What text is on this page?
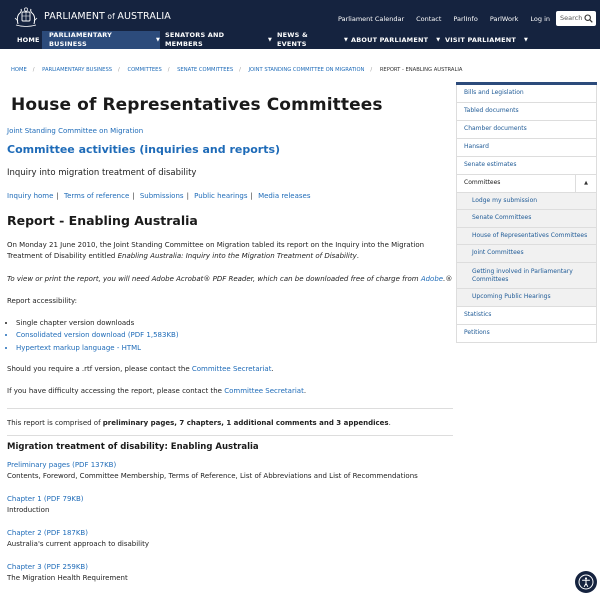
PARLIAMENT of AUSTRALIA	Parliament Calendar Contact ParlInfo ParlWork Log in Search
HOME
PARLIAMENTARY BUSINESS
▼
SENATORS AND MEMBERS
▼
NEWS & EVENTS
▼ ABOUT PARLIAMENT ▼ VISIT PARLIAMENT ▼
HOME / PARLIAMENTARY BUSINESS / COMMITTEES / SENATE COMMITTEES / JOINT STANDING COMMITTEE ON MIGRATION / REPORT - ENABLING AUSTRALIA
House of Representatives Committees
Joint Standing Committee on Migration
Committee activities (inquiries and reports)
Inquiry into migration treatment of disability
Inquiry home | Terms of reference | Submissions | Public hearings | Media releases
Report - Enabling Australia
On Monday 21 June 2010, the Joint Standing Committee on Migration tabled its report on the Inquiry into the Migration
Treatment of Disability entitled Enabling Australia: Inquiry into the Migration Treatment of Disability.
To view or print the report, you will need Adobe Acrobat® PDF Reader, which can be downloaded free of charge from Adobe.®
Report accessibility:
• Single chapter version downloads
• Consolidated version download (PDF 1,583KB)
• Hypertext markup language - HTML
Should you require a .rtf version, please contact the Committee Secretariat.
If you have difficulty accessing the report, please contact the Committee Secretariat.
This report is comprised of preliminary pages, 7 chapters, 1 additional comments and 3 appendices.
Migration treatment of disability: Enabling Australia
Preliminary pages (PDF 137KB)
Contents, Foreword, Committee Membership, Terms of Reference, List of Abbreviations and List of Recommendations
Chapter 1 (PDF 79KB)
Introduction
Chapter 2 (PDF 187KB)
Australia's current approach to disability
Chapter 3 (PDF 259KB)
The Migration Health Requirement
Bills and Legislation
Tabled documents
Chamber documents
Hansard
Senate estimates
Committees	▲
Lodge my submission
Senate Committees
House of Representatives Committees
Joint Committees
Getting involved in Parliamentary Committees
Upcoming Public Hearings
Statistics
Petitions
